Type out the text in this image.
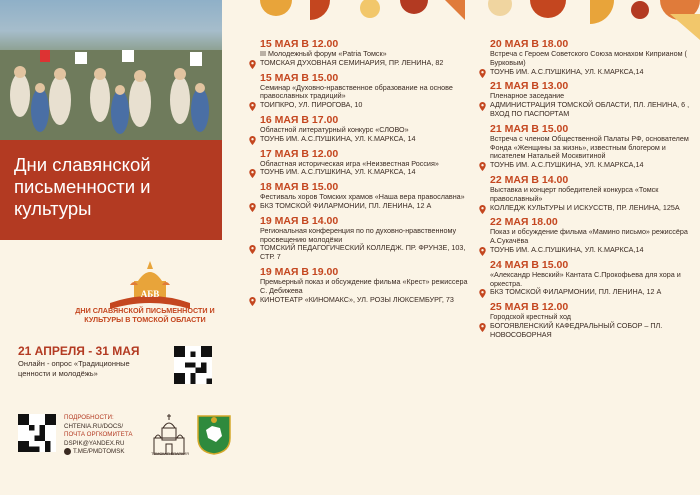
Дни славянской письменности и культуры
АБВ
ДНИ СЛАВЯНСКОЙ ПИСЬМЕННОСТИ И КУЛЬТУРЫ В ТОМСКОЙ ОБЛАСТИ
21 АПРЕЛЯ - 31 МАЯ
Онлайн - опрос «Традиционные ценности и молодёжь»
ПОДРОБНОСТИ:
CHTENIA.RU/DOCS/
ПОЧТА ОРГКОМИТЕТА
DSPIK@YANDEX.RU
T.ME/PMDTOMSK	ТОМСКАЯ ЕПАРХИЯ
15 МАЯ В 12.00
III Молодежный форум «Patria Томск»
ТОМСКАЯ ДУХОВНАЯ СЕМИНАРИЯ, ПР. ЛЕНИНА, 82
15 МАЯ В 15.00
Семинар «Духовно-нравственное образование на основе православных традиций»
ТОИПКРО, УЛ. ПИРОГОВА, 10
16 МАЯ В 17.00
Областной литературный конкурс «СЛОВО»
ТОУНБ ИМ. А.С.ПУШКИНА, УЛ. К.МАРКСА, 14
17 МАЯ В 12.00
Областная историческая игра «Неизвестная Россия»
ТОУНБ ИМ. А.С.ПУШКИНА, УЛ. К.МАРКСА, 14
18 МАЯ В 15.00
Фестиваль хоров Томских храмов «Наша вера православна»
БКЗ ТОМСКОЙ ФИЛАРМОНИИ, ПЛ. ЛЕНИНА, 12 А
19 МАЯ В 14.00
Региональная конференция по по духовно-нравственному просвещению молодёжи
ТОМСКИЙ ПЕДАГОГИЧЕСКИЙ КОЛЛЕДЖ. ПР. ФРУНЗЕ, 103, СТР. 7
19 МАЯ В 19.00
Премьерный показ и обсуждение фильма «Крест» режиссера С. Дебижева
КИНОТЕАТР «КИНОМАКС», УЛ. РОЗЫ ЛЮКСЕМБУРГ, 73
20 МАЯ В 18.00
Встреча с Героем Советского Союза монахом Киприаном ( Бурковым)
ТОУНБ ИМ. А.С.ПУШКИНА, УЛ. К.МАРКСА,14
21 МАЯ В 13.00
Пленарное заседание
АДМИНИСТРАЦИЯ ТОМСКОЙ ОБЛАСТИ, ПЛ. ЛЕНИНА, 6 , ВХОД ПО ПАСПОРТАМ
21 МАЯ В 15.00
Встреча с членом Общественной Палаты РФ, основателем Фонда «Женщины за жизнь», известным блогером и писателем Натальей Москвитиной
ТОУНБ ИМ. А.С.ПУШКИНА, УЛ. К.МАРКСА,14
22 МАЯ В 14.00
Выставка и концерт победителей конкурса «Томск православный»
КОЛЛЕДЖ КУЛЬТУРЫ И ИСКУССТВ, ПР. ЛЕНИНА, 125А
22 МАЯ 18.00
Показ и обсуждение фильма «Мамино письмо» режиссёра А.Сукачёва
ТОУНБ ИМ. А.С.ПУШКИНА, УЛ. К.МАРКСА,14
24 МАЯ В 15.00
«Александр Невский» Кантата С.Прокофьева для хора и оркестра.
БКЗ ТОМСКОЙ ФИЛАРМОНИИ, ПЛ. ЛЕНИНА, 12 А
25 МАЯ В 12.00
Городской крестный ход
БОГОЯВЛЕНСКИЙ КАФЕДРАЛЬНЫЙ СОБОР – ПЛ. НОВОСОБОРНАЯ
